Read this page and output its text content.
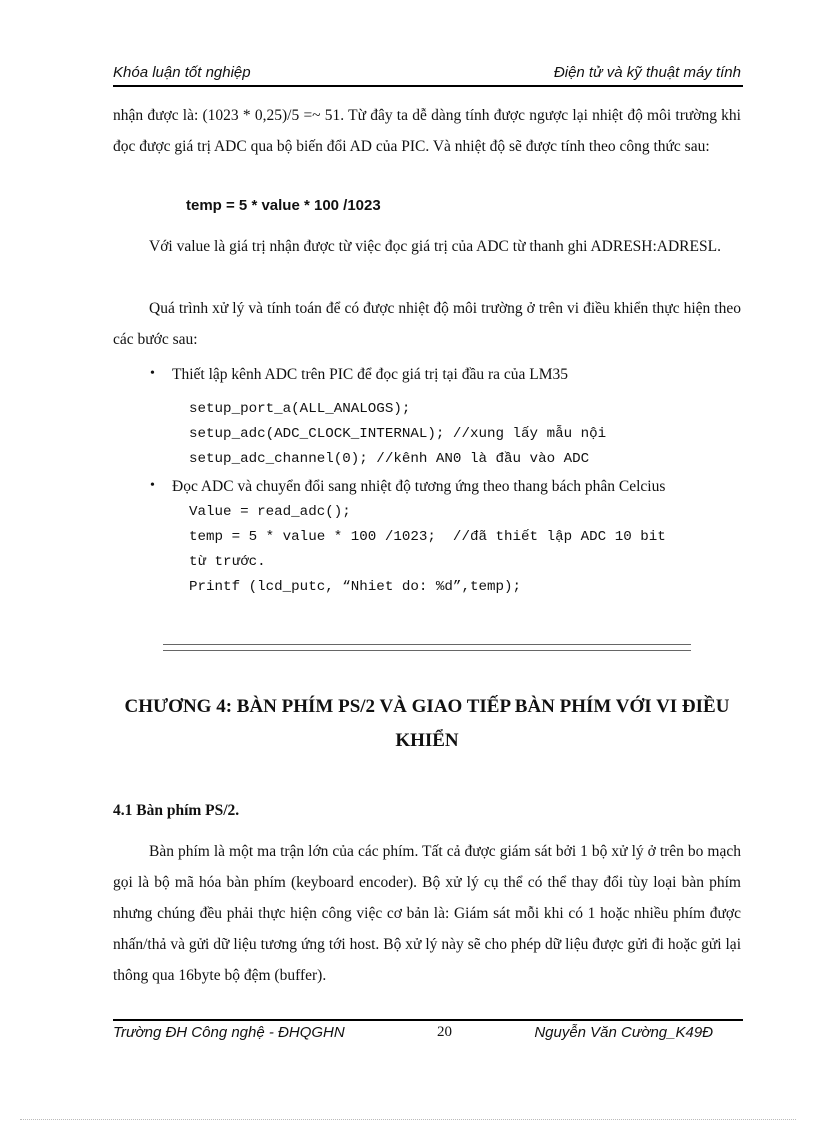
Khóa luận tốt nghiệp	Điện tử và kỹ thuật máy tính

nhận được là: (1023 * 0,25)/5 =~ 51. Từ đây ta dễ dàng tính được ngược lại nhiệt độ môi trường khi đọc được giá trị ADC qua bộ biến đổi AD của PIC. Và nhiệt độ sẽ được tính theo công thức sau:

temp = 5 * value * 100 /1023

Với value là giá trị nhận được từ việc đọc giá trị của ADC từ thanh ghi ADRESH:ADRESL.

Quá trình xử lý và tính toán để có được nhiệt độ môi trường ở trên vi điều khiển thực hiện theo các bước sau:

•	Thiết lập kênh ADC trên PIC để đọc giá trị tại đầu ra của LM35
setup_port_a(ALL_ANALOGS);
setup_adc(ADC_CLOCK_INTERNAL); //xung lấy mẫu nội
setup_adc_channel(0); //kênh AN0 là đầu vào ADC
•	Đọc ADC và chuyển đổi sang nhiệt độ tương ứng theo thang bách phân Celcius
Value = read_adc();
temp = 5 * value * 100 /1023;  //đã thiết lập ADC 10 bit
từ trước.
Printf (lcd_putc, “Nhiet do: %d”,temp);

CHƯƠNG 4: BÀN PHÍM PS/2 VÀ GIAO TIẾP BÀN PHÍM VỚI VI ĐIỀU KHIỂN

4.1 Bàn phím PS/2.

Bàn phím là một ma trận lớn của các phím. Tất cả được giám sát bởi 1 bộ xử lý ở trên bo mạch gọi là bộ mã hóa bàn phím (keyboard encoder). Bộ xử lý cụ thể có thể thay đổi tùy loại bàn phím nhưng chúng đều phải thực hiện công việc cơ bản là: Giám sát mỗi khi có 1 hoặc nhiều phím được nhấn/thả và gửi dữ liệu tương ứng tới host. Bộ xử lý này sẽ cho phép dữ liệu được gửi đi hoặc gửi lại thông qua 16byte bộ đệm (buffer).

Trường ĐH Công nghệ - ĐHQGHN	20	Nguyễn Văn Cường_K49Đ
